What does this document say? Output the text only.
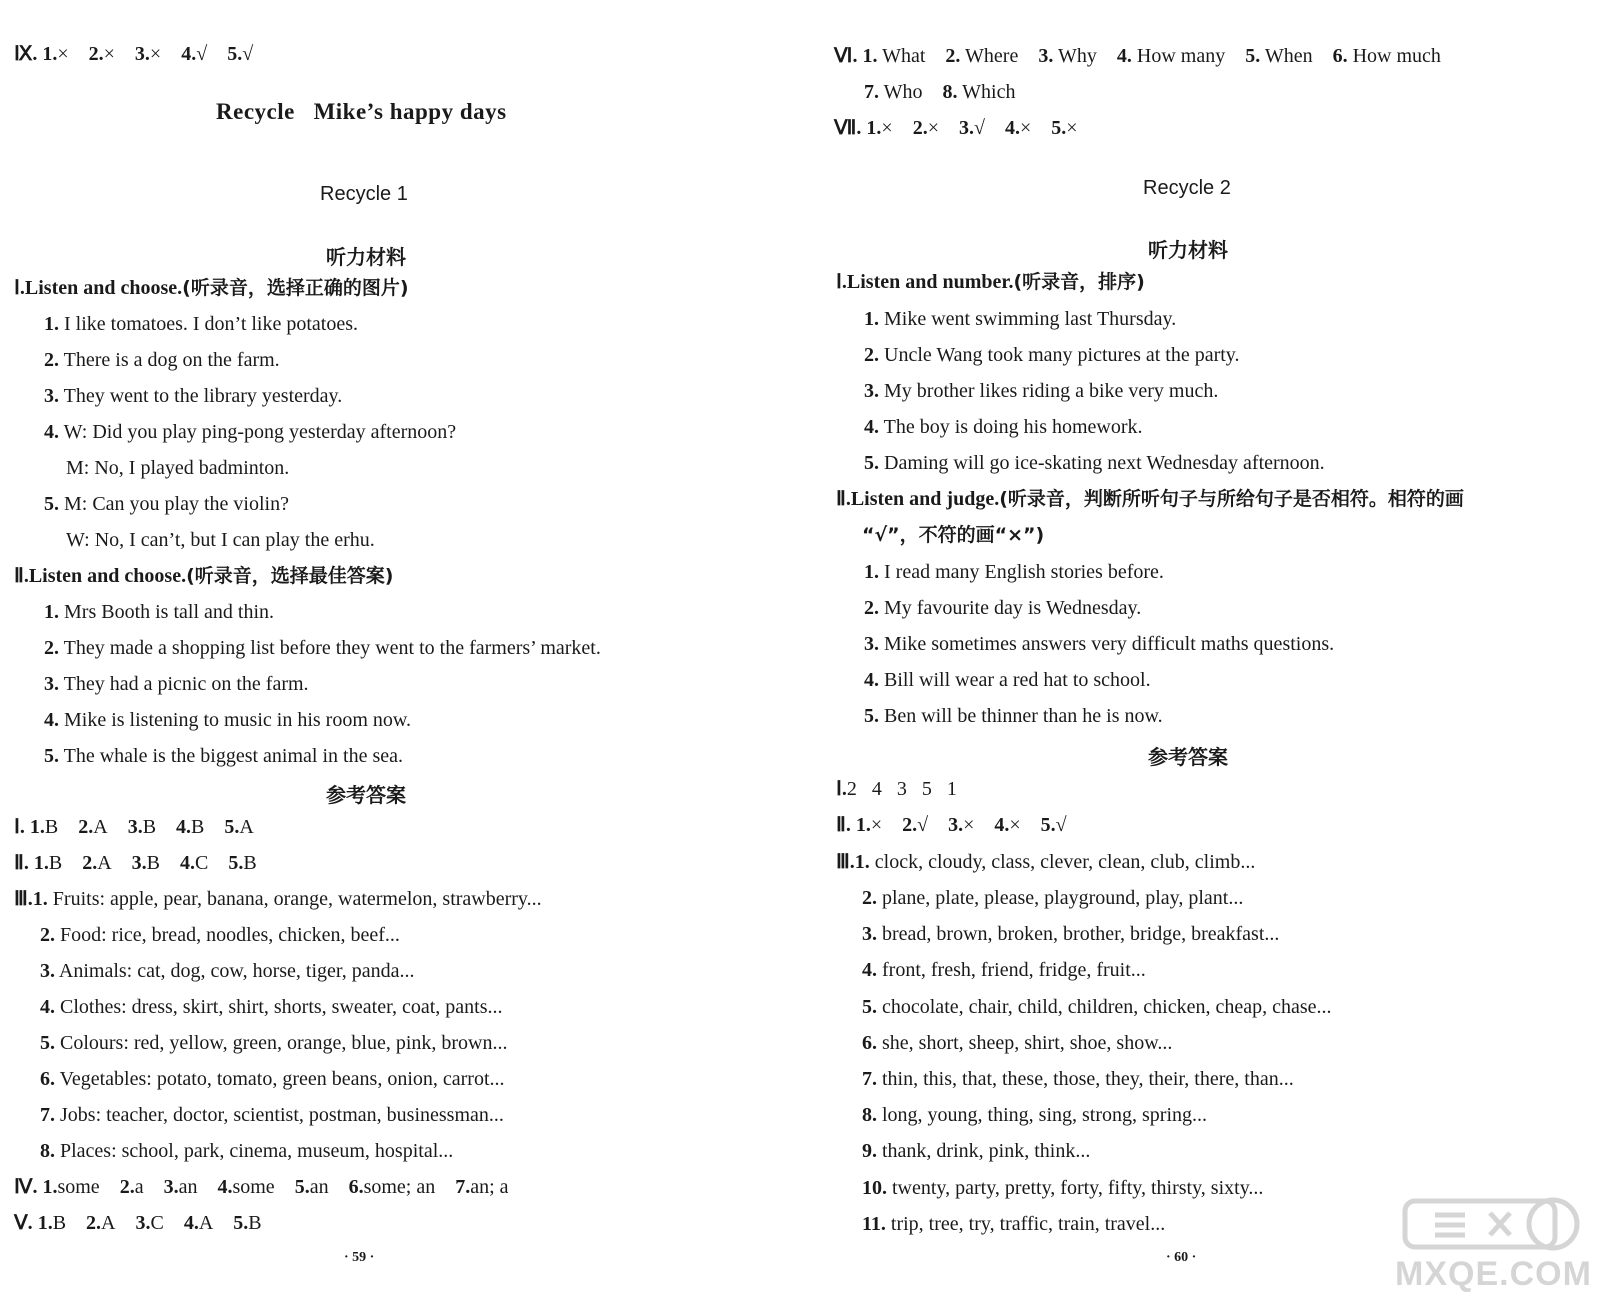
Ⅸ. 1.× 2.× 3.× 4.√ 5.√
Recycle   Mike’s happy days
Recycle 1
听力材料
Ⅰ.Listen and choose.(听录音，选择正确的图片)
1. I like tomatoes. I don’t like potatoes.
2. There is a dog on the farm.
3. They went to the library yesterday.
4. W: Did you play ping-pong yesterday afternoon?
M: No, I played badminton.
5. M: Can you play the violin?
W: No, I can’t, but I can play the erhu.
Ⅱ.Listen and choose.(听录音，选择最佳答案)
1. Mrs Booth is tall and thin.
2. They made a shopping list before they went to the farmers’ market.
3. They had a picnic on the farm.
4. Mike is listening to music in his room now.
5. The whale is the biggest animal in the sea.
参考答案
Ⅰ. 1.B 2.A 3.B 4.B 5.A
Ⅱ. 1.B 2.A 3.B 4.C 5.B
Ⅲ.1. Fruits: apple, pear, banana, orange, watermelon, strawberry...
2. Food: rice, bread, noodles, chicken, beef...
3. Animals: cat, dog, cow, horse, tiger, panda...
4. Clothes: dress, skirt, shirt, shorts, sweater, coat, pants...
5. Colours: red, yellow, green, orange, blue, pink, brown...
6. Vegetables: potato, tomato, green beans, onion, carrot...
7. Jobs: teacher, doctor, scientist, postman, businessman...
8. Places: school, park, cinema, museum, hospital...
Ⅳ. 1.some 2.a 3.an 4.some 5.an 6.some; an 7.an; a
Ⅴ. 1.B 2.A 3.C 4.A 5.B
· 59 ·
Ⅵ. 1. What 2. Where 3. Why 4. How many 5. When 6. How much
7. Who 8. Which
Ⅶ. 1.× 2.× 3.√ 4.× 5.×
Recycle 2
听力材料
Ⅰ.Listen and number.(听录音，排序)
1. Mike went swimming last Thursday.
2. Uncle Wang took many pictures at the party.
3. My brother likes riding a bike very much.
4. The boy is doing his homework.
5. Daming will go ice-skating next Wednesday afternoon.
Ⅱ.Listen and judge.(听录音，判断所听句子与所给句子是否相符。相符的画
“√”，不符的画“×”)
1. I read many English stories before.
2. My favourite day is Wednesday.
3. Mike sometimes answers very difficult maths questions.
4. Bill will wear a red hat to school.
5. Ben will be thinner than he is now.
参考答案
Ⅰ.2   4   3   5   1
Ⅱ. 1.× 2.√ 3.× 4.× 5.√
Ⅲ.1. clock, cloudy, class, clever, clean, club, climb...
2. plane, plate, please, playground, play, plant...
3. bread, brown, broken, brother, bridge, breakfast...
4. front, fresh, friend, fridge, fruit...
5. chocolate, chair, child, children, chicken, cheap, chase...
6. she, short, sheep, shirt, shoe, show...
7. thin, this, that, these, those, they, their, there, than...
8. long, young, thing, sing, strong, spring...
9. thank, drink, pink, think...
10. twenty, party, pretty, forty, fifty, thirsty, sixty...
11. trip, tree, try, traffic, train, travel...
· 60 ·	MXQE.COM
